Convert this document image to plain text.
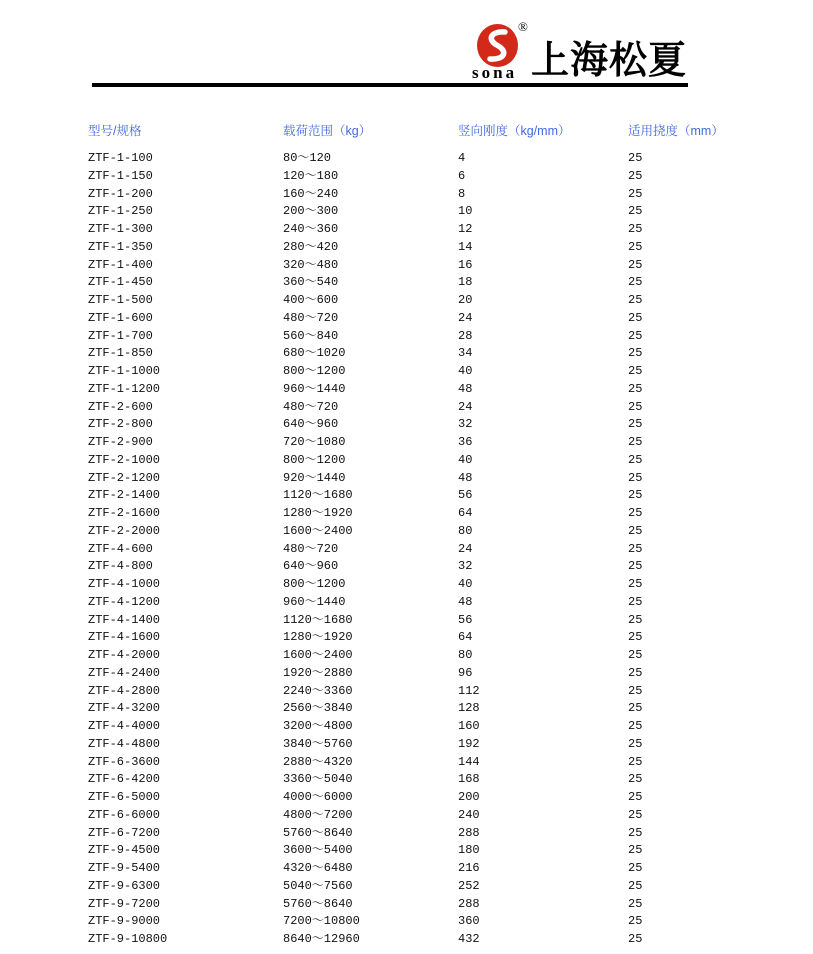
®
sona 上海松夏
型号/规格	载荷范围（kg）	竖向刚度（kg/mm）	适用挠度（mm）
ZTF-1-100	80～120	4	25
ZTF-1-150	120～180	6	25
ZTF-1-200	160～240	8	25
ZTF-1-250	200～300	10	25
ZTF-1-300	240～360	12	25
ZTF-1-350	280～420	14	25
ZTF-1-400	320～480	16	25
ZTF-1-450	360～540	18	25
ZTF-1-500	400～600	20	25
ZTF-1-600	480～720	24	25
ZTF-1-700	560～840	28	25
ZTF-1-850	680～1020	34	25
ZTF-1-1000	800～1200	40	25
ZTF-1-1200	960～1440	48	25
ZTF-2-600	480～720	24	25
ZTF-2-800	640～960	32	25
ZTF-2-900	720～1080	36	25
ZTF-2-1000	800～1200	40	25
ZTF-2-1200	920～1440	48	25
ZTF-2-1400	1120～1680	56	25
ZTF-2-1600	1280～1920	64	25
ZTF-2-2000	1600～2400	80	25
ZTF-4-600	480～720	24	25
ZTF-4-800	640～960	32	25
ZTF-4-1000	800～1200	40	25
ZTF-4-1200	960～1440	48	25
ZTF-4-1400	1120～1680	56	25
ZTF-4-1600	1280～1920	64	25
ZTF-4-2000	1600～2400	80	25
ZTF-4-2400	1920～2880	96	25
ZTF-4-2800	2240～3360	112	25
ZTF-4-3200	2560～3840	128	25
ZTF-4-4000	3200～4800	160	25
ZTF-4-4800	3840～5760	192	25
ZTF-6-3600	2880～4320	144	25
ZTF-6-4200	3360～5040	168	25
ZTF-6-5000	4000～6000	200	25
ZTF-6-6000	4800～7200	240	25
ZTF-6-7200	5760～8640	288	25
ZTF-9-4500	3600～5400	180	25
ZTF-9-5400	4320～6480	216	25
ZTF-9-6300	5040～7560	252	25
ZTF-9-7200	5760～8640	288	25
ZTF-9-9000	7200～10800	360	25
ZTF-9-10800	8640～12960	432	25
